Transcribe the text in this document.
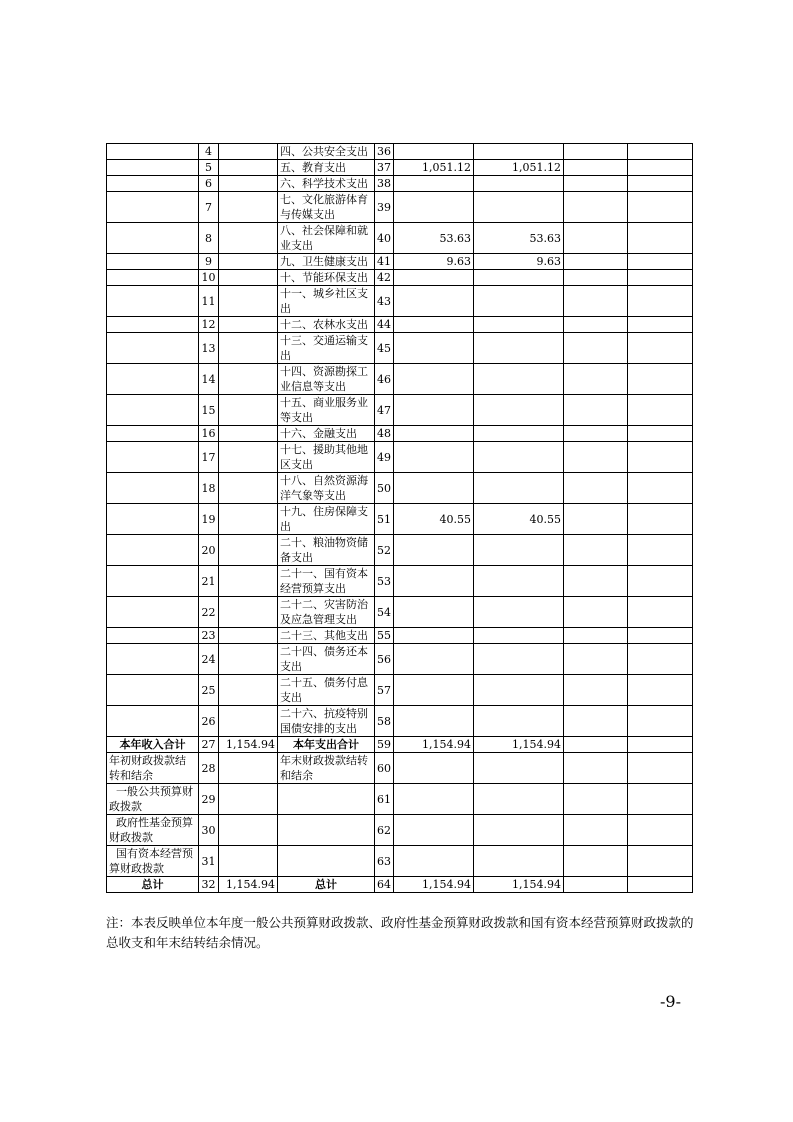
	4		四、公共安全支出	36				
	5		五、教育支出	37	1,051.12	1,051.12		
	6		六、科学技术支出	38				
	7		七、文化旅游体育与传媒支出	39				
	8		八、社会保障和就业支出	40	53.63	53.63		
	9		九、卫生健康支出	41	9.63	9.63		
	10		十、节能环保支出	42				
	11		十一、城乡社区支出	43				
	12		十二、农林水支出	44				
	13		十三、交通运输支出	45				
	14		十四、资源勘探工业信息等支出	46				
	15		十五、商业服务业等支出	47				
	16		十六、金融支出	48				
	17		十七、援助其他地区支出	49				
	18		十八、自然资源海洋气象等支出	50				
	19		十九、住房保障支出	51	40.55	40.55		
	20		二十、粮油物资储备支出	52				
	21		二十一、国有资本经营预算支出	53				
	22		二十二、灾害防治及应急管理支出	54				
	23		二十三、其他支出	55				
	24		二十四、债务还本支出	56				
	25		二十五、债务付息支出	57				
	26		二十六、抗疫特别国债安排的支出	58				
本年收入合计	27	1,154.94	本年支出合计	59	1,154.94	1,154.94		
年初财政拨款结转和结余	28		年末财政拨款结转和结余	60				
一般公共预算财政拨款	29			61				
政府性基金预算财政拨款	30			62				
国有资本经营预算财政拨款	31			63				
总计	32	1,154.94	总计	64	1,154.94	1,154.94		
注：本表反映单位本年度一般公共预算财政拨款、政府性基金预算财政拨款和国有资本经营预算财政拨款的总收支和年末结转结余情况。
-9-
